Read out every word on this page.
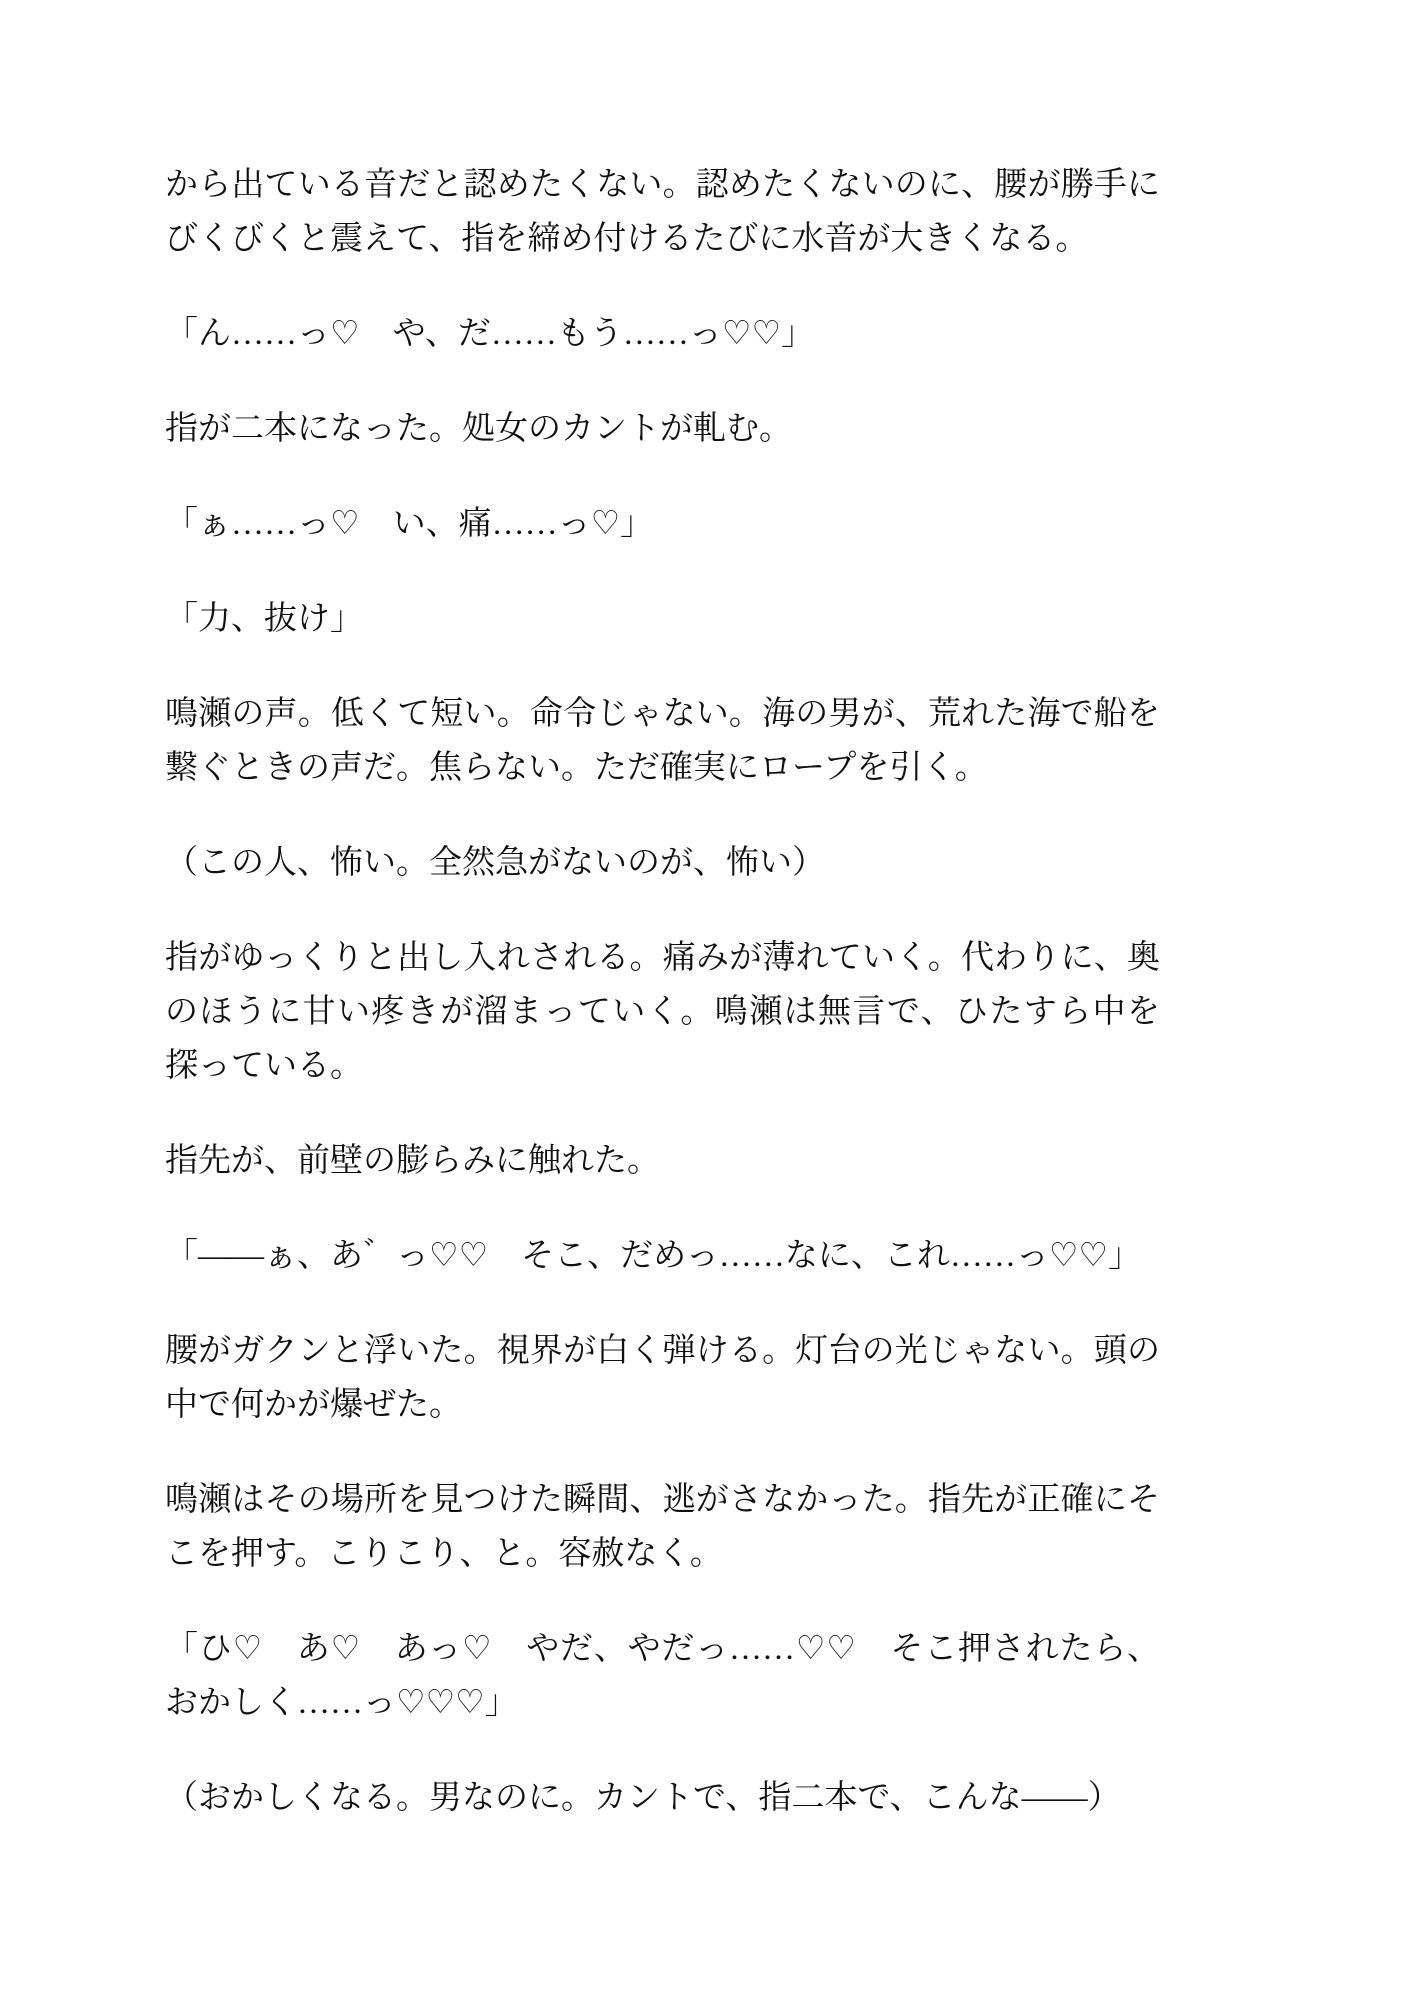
から出ている音だと認めたくない。認めたくないのに、腰が勝手にびくびくと震えて、指を締め付けるたびに水音が大きくなる。

「ん……っ♡　や、だ……もう……っ♡♡」

指が二本になった。処女のカントが軋む。

「ぁ……っ♡　い、痛……っ♡」

「力、抜け」

鳴瀬の声。低くて短い。命令じゃない。海の男が、荒れた海で船を繋ぐときの声だ。焦らない。ただ確実にロープを引く。

（この人、怖い。全然急がないのが、怖い）

指がゆっくりと出し入れされる。痛みが薄れていく。代わりに、奥のほうに甘い疼きが溜まっていく。鳴瀬は無言で、ひたすら中を探っている。

指先が、前壁の膨らみに触れた。

「――ぁ、あ゛っ♡♡　そこ、だめっ……なに、これ……っ♡♡」

腰がガクンと浮いた。視界が白く弾ける。灯台の光じゃない。頭の中で何かが爆ぜた。

鳴瀬はその場所を見つけた瞬間、逃がさなかった。指先が正確にそこを押す。こりこり、と。容赦なく。

「ひ♡　あ♡　あっ♡　やだ、やだっ……♡♡　そこ押されたら、おかしく……っ♡♡♡」

（おかしくなる。男なのに。カントで、指二本で、こんな――）
